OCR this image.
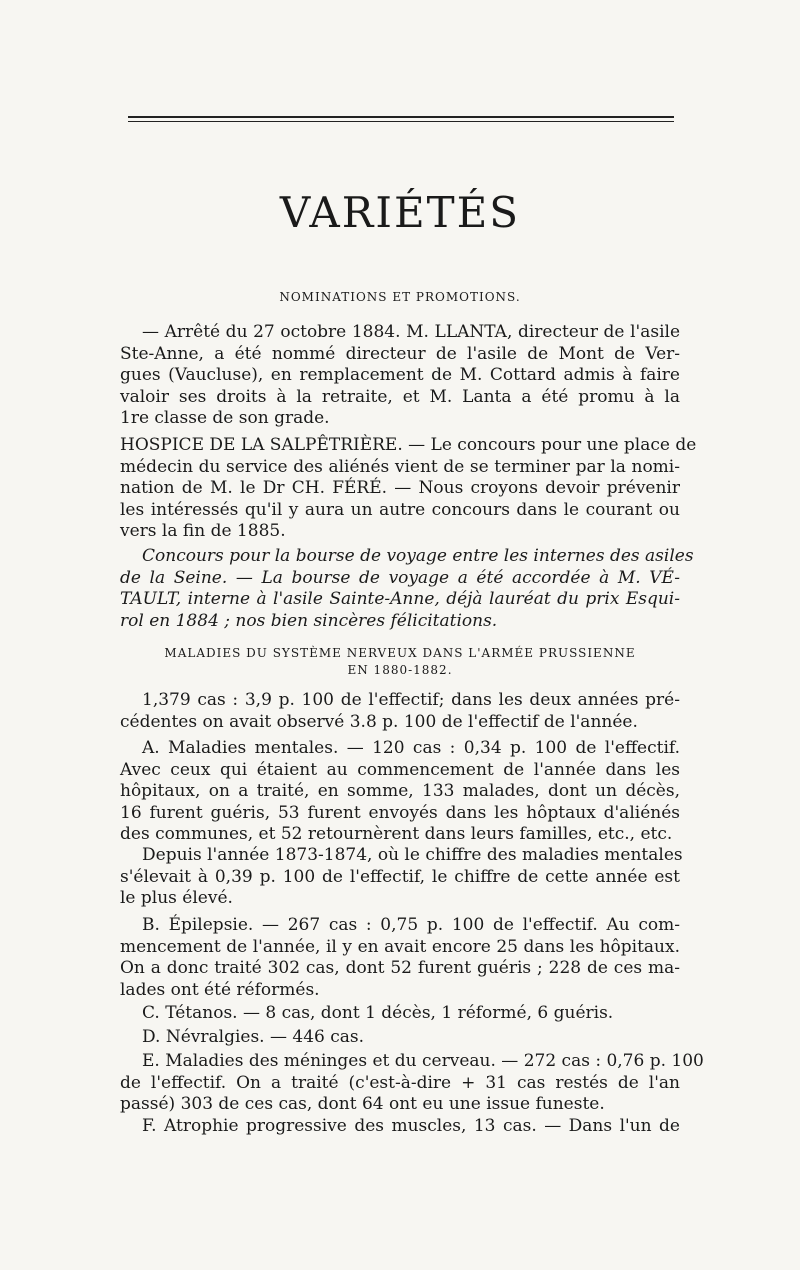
VARIÉTÉS
NOMINATIONS ET PROMOTIONS.
— Arrêté du 27 octobre 1884. M. LLANTA, directeur de l'asile
Ste-Anne, a été nommé directeur de l'asile de Mont de Ver-
gues (Vaucluse), en remplacement de M. Cottard admis à faire
valoir ses droits à la retraite, et M. Lanta a été promu à la
1re classe de son grade.
HOSPICE DE LA SALPÊTRIÈRE. — Le concours pour une place de
médecin du service des aliénés vient de se terminer par la nomi-
nation de M. le Dr CH. FÉRÉ. — Nous croyons devoir prévenir
les intéressés qu'il y aura un autre concours dans le courant ou
vers la fin de 1885.
Concours pour la bourse de voyage entre les internes des asiles
de la Seine. — La bourse de voyage a été accordée à M. VÉ-
TAULT, interne à l'asile Sainte-Anne, déjà lauréat du prix Esqui-
rol en 1884 ; nos bien sincères félicitations.
MALADIES DU SYSTÈME NERVEUX DANS L'ARMÉE PRUSSIENNE
EN 1880-1882.
1,379 cas : 3,9 p. 100 de l'effectif; dans les deux années pré-
cédentes on avait observé 3.8 p. 100 de l'effectif de l'année.
A. Maladies mentales. — 120 cas : 0,34 p. 100 de l'effectif.
Avec ceux qui étaient au commencement de l'année dans les
hôpitaux, on a traité, en somme, 133 malades, dont un décès,
16 furent guéris, 53 furent envoyés dans les hôptaux d'aliénés
des communes, et 52 retournèrent dans leurs familles, etc., etc.
Depuis l'année 1873-1874, où le chiffre des maladies mentales
s'élevait à 0,39 p. 100 de l'effectif, le chiffre de cette année est
le plus élevé.
B. Épilepsie. — 267 cas : 0,75 p. 100 de l'effectif. Au com-
mencement de l'année, il y en avait encore 25 dans les hôpitaux.
On a donc traité 302 cas, dont 52 furent guéris ; 228 de ces ma-
lades ont été réformés.
C. Tétanos. — 8 cas, dont 1 décès, 1 réformé, 6 guéris.
D. Névralgies. — 446 cas.
E. Maladies des méninges et du cerveau. — 272 cas : 0,76 p. 100
de l'effectif. On a traité (c'est-à-dire + 31 cas restés de l'an
passé) 303 de ces cas, dont 64 ont eu une issue funeste.
F. Atrophie progressive des muscles, 13 cas. — Dans l'un de
